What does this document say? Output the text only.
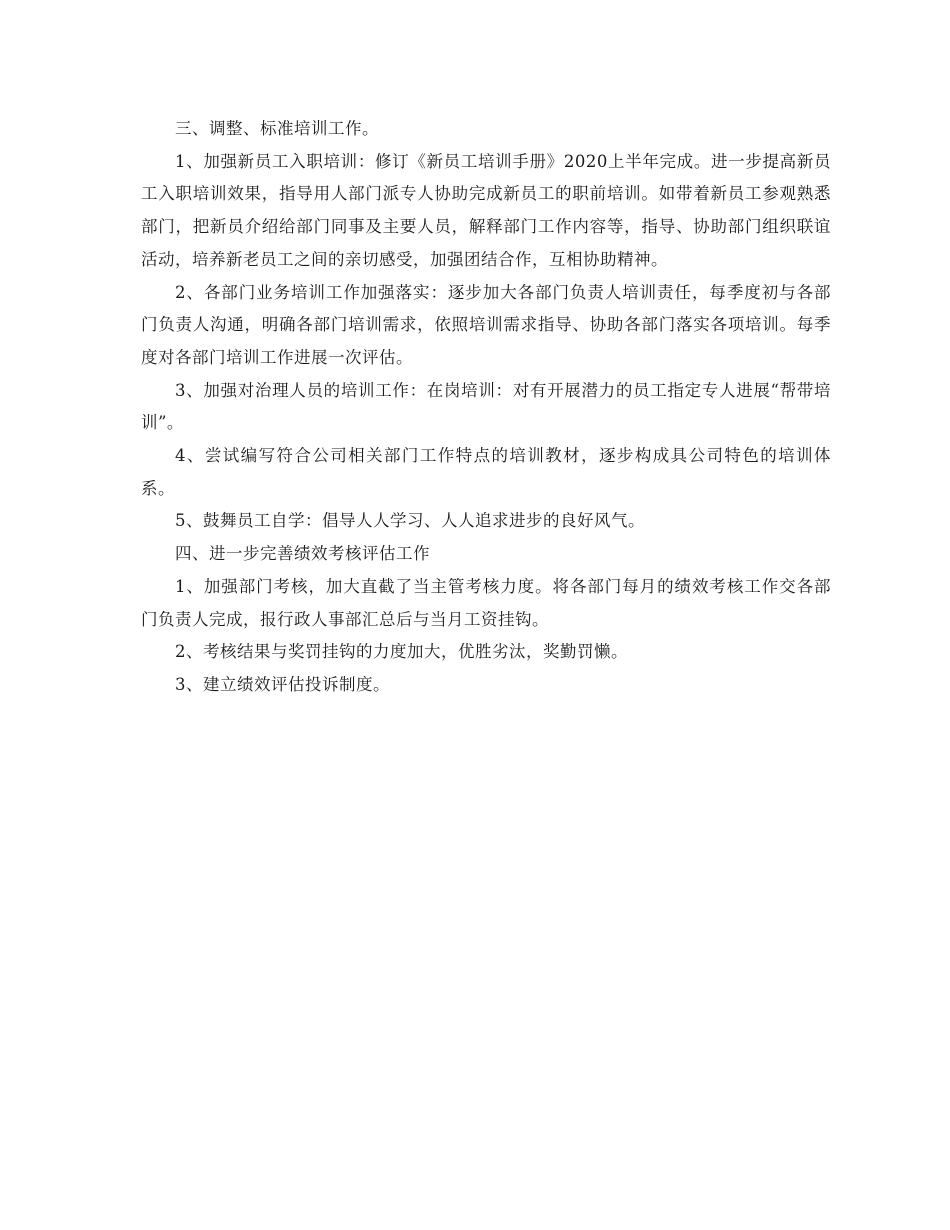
三、调整、标准培训工作。

1、加强新员工入职培训：修订《新员工培训手册》2020上半年完成。进一步提高新员工入职培训效果，指导用人部门派专人协助完成新员工的职前培训。如带着新员工参观熟悉部门，把新员介绍给部门同事及主要人员，解释部门工作内容等，指导、协助部门组织联谊活动，培养新老员工之间的亲切感受，加强团结合作，互相协助精神。

2、各部门业务培训工作加强落实：逐步加大各部门负责人培训责任，每季度初与各部门负责人沟通，明确各部门培训需求，依照培训需求指导、协助各部门落实各项培训。每季度对各部门培训工作进展一次评估。

3、加强对治理人员的培训工作：在岗培训：对有开展潜力的员工指定专人进展“帮带培训”。

4、尝试编写符合公司相关部门工作特点的培训教材，逐步构成具公司特色的培训体系。

5、鼓舞员工自学：倡导人人学习、人人追求进步的良好风气。

四、进一步完善绩效考核评估工作

1、加强部门考核，加大直截了当主管考核力度。将各部门每月的绩效考核工作交各部门负责人完成，报行政人事部汇总后与当月工资挂钩。

2、考核结果与奖罚挂钩的力度加大，优胜劣汰，奖勤罚懒。

3、建立绩效评估投诉制度。
